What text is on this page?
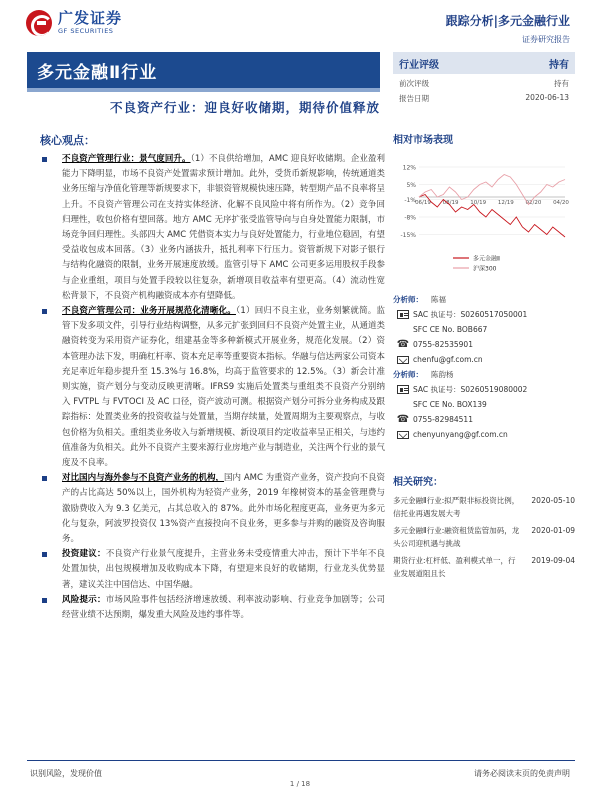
广发证券
GF SECURITIES
跟踪分析|多元金融行业
证券研究报告
多元金融Ⅱ行业
不良资产行业：迎良好收储期，期待价值释放
行业评级	持有
前次评级	持有
报告日期	2020-06-13
相对市场表现
12%
5%
-1%
-8%
-15%
06/19 08/19 10/19 12/19 02/20 04/20
多元金融Ⅱ
沪深300
分析师：	陈福
SAC 执证号：S0260517050001
SFC CE No. BOB667
☎ 0755-82535901
chenfu@gf.com.cn
分析师：	陈韵杨
SAC 执证号：S0260519080002
SFC CE No. BOX139
☎ 0755-82984511
chenyunyang@gf.com.cn
相关研究：
多元金融Ⅱ行业:拟严限非标投资比例，信托业再遇发展大考
2020-05-10
多元金融Ⅱ行业:融资租赁监管加码，龙头公司迎机遇与挑战
2020-01-09
期货行业:杠杆低、盈利模式单一，行业发展道阻且长
2019-09-04
核心观点：
不良资产管理行业：景气度回升。（1）不良供给增加，AMC 迎良好收储期。企业盈利能力下降明显，市场不良资产处置需求预计增加。此外，受货币新规影响，传统通道类业务压缩与净值化管理等新规要求下，非银资管规模快速压降，转型期产品不良率将呈上升。不良资产管理公司在支持实体经济、化解不良风险中将有所作为。（2）竞争回归理性，收包价格有望回落。地方 AMC 无序扩张受监管导向与自身处置能力限制，市场竞争回归理性。头部四大 AMC 凭借资本实力与良好处置能力，行业地位稳固，有望受益收包成本回落。（3）业务内涵拔升，抵扎利率下行压力。资管新规下对影子银行与结构化融资的限制，业务开展速度放缓。监管引导下 AMC 公司更多运用股权手段参与企业重组，项目与处置手段较以往复杂，新增项目收益率有望更高。（4）流动性宽松背景下，不良资产机构融资成本亦有望降低。
不良资产管理公司：业务开展规范化清晰化。（1）回归不良主业，业务刻繁就简。监管下发多项文件，引导行业结构调整，从多元扩张到回归不良资产处置主业，从通道类融资转变为采用资产证券化，组建基金等多种新模式开展业务，规范化发展。（2）资本管理办法下发，明确杠杆率、资本充足率等重要资本指标。华融与信达两家公司资本充足率近年稳步提升至 15.3%与 16.8%，均高于监管要求的 12.5%。（3）新会计准则实施，资产划分与变动反映更清晰。IFRS9 实施后处置类与重组类不良资产分别纳入 FVTPL 与 FVTOCI 及 AC 口径，资产波动可测。根据资产划分可拆分业务构成及跟踪指标：处置类业务的投资收益与处置量，当期存续量，处置周期为主要观察点，与收包价格为负相关。重组类业务收入与新增规模、新设项目约定收益率呈正相关，与违约值准备为负相关。此外不良资产主要来源行业房地产业与制造业，关注两个行业的景气度及不良率。
对比国内与海外参与不良资产业务的机构，国内 AMC 为重资产业务，资产投向不良资产的占比高达 50%以上，国外机构为轻资产业务，2019 年橡树资本的基金管理费与激励费收入为 9.3 亿美元，占其总收入的 87%。此外市场化程度更高，业务更为多元化与复杂，阿波罗投资仅 13%资产直接投向不良业务，更多参与并购的融资及咨询服务。
投资建议：不良资产行业景气度提升，主营业务未受疫情重大冲击，预计下半年不良处置加快，出包规模增加及收购成本下降，有望迎来良好的收储期，行业龙头优势显著，建议关注中国信达、中国华融。
风险提示：市场风险事件包括经济增速放缓、利率波动影响、行业竞争加剧等；公司经营业绩不达预期，爆发重大风险及违约事件等。
识别风险，发现价值	请务必阅读末页的免责声明
1 / 18
